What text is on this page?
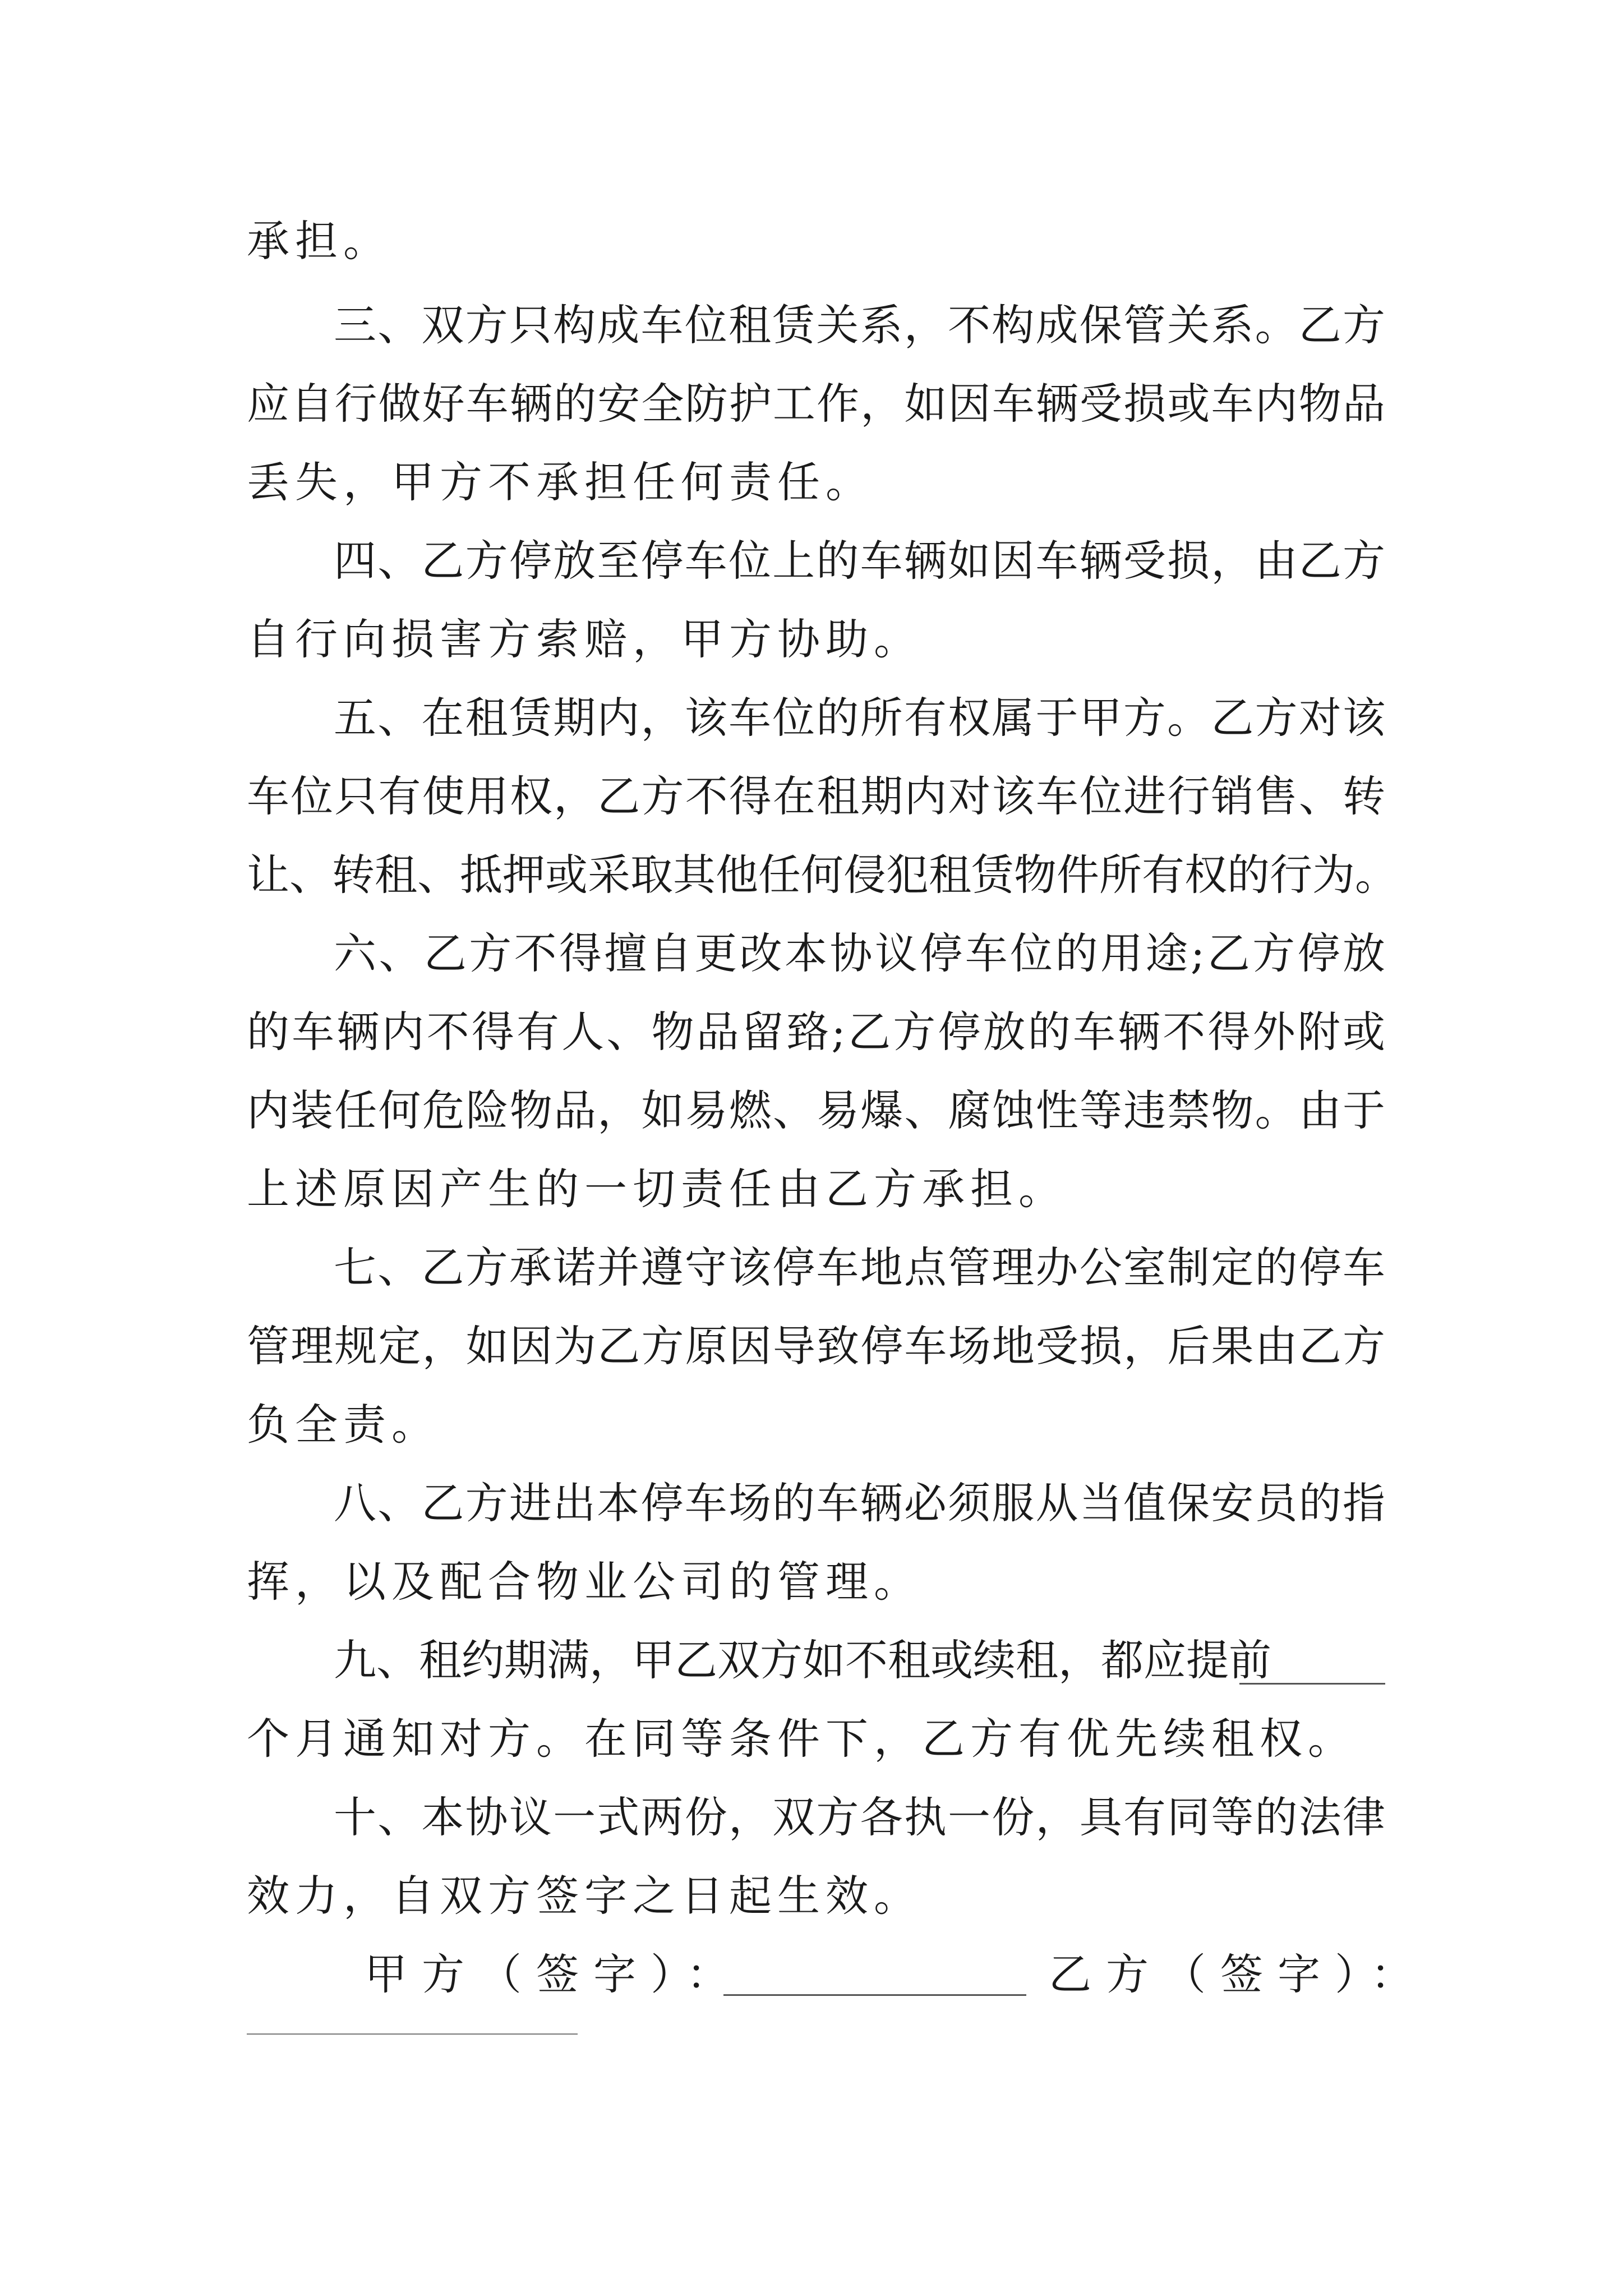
承担。
三、双方只构成车位租赁关系，不构成保管关系。乙方
应自行做好车辆的安全防护工作，如因车辆受损或车内物品
丢失，甲方不承担任何责任。
四、乙方停放至停车位上的车辆如因车辆受损，由乙方
自行向损害方索赔，甲方协助。
五、在租赁期内，该车位的所有权属于甲方。乙方对该
车位只有使用权，乙方不得在租期内对该车位进行销售、转
让、转租、抵押或采取其他任何侵犯租赁物件所有权的行为。
六、乙方不得擅自更改本协议停车位的用途;乙方停放
的车辆内不得有人、物品留臵;乙方停放的车辆不得外附或
内装任何危险物品，如易燃、易爆、腐蚀性等违禁物。由于
上述原因产生的一切责任由乙方承担。
七、乙方承诺并遵守该停车地点管理办公室制定的停车
管理规定，如因为乙方原因导致停车场地受损，后果由乙方
负全责。
八、乙方进出本停车场的车辆必须服从当值保安员的指
挥，以及配合物业公司的管理。
九、租约期满，甲乙双方如不租或续租，都应提前
个月通知对方。在同等条件下，乙方有优先续租权。
十、本协议一式两份，双方各执一份，具有同等的法律
效力，自双方签字之日起生效。
甲方（签字）：	乙方（签字）：
